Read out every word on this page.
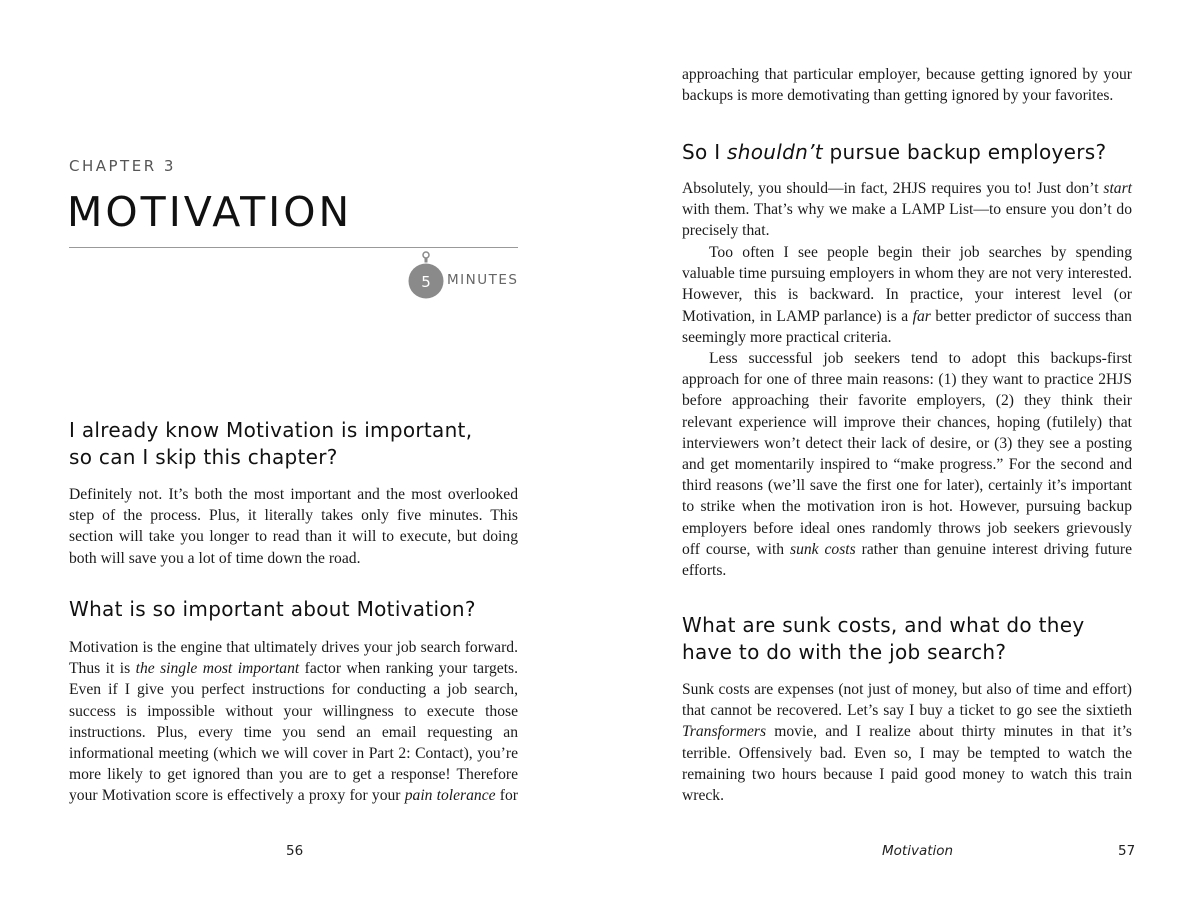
CHAPTER 3
MOTIVATION
5 MINUTES
I already know Motivation is important,
so can I skip this chapter?

Definitely not. It’s both the most important and the most overlooked step of the process. Plus, it literally takes only five minutes. This section will take you longer to read than it will to execute, but doing both will save you a lot of time down the road.

What is so important about Motivation?

Motivation is the engine that ultimately drives your job search forward. Thus it is the single most important factor when ranking your targets. Even if I give you perfect instructions for conducting a job search, success is impossible without your willingness to execute those instructions. Plus, every time you send an email requesting an informational meeting (which we will cover in Part 2: Contact), you’re more likely to get ignored than you are to get a response! Therefore your Motivation score is effectively a proxy for your pain tolerance for

56

approaching that particular employer, because getting ignored by your backups is more demotivating than getting ignored by your favorites.

So I shouldn’t pursue backup employers?

Absolutely, you should—in fact, 2HJS requires you to! Just don’t start with them. That’s why we make a LAMP List—to ensure you don’t do precisely that.

Too often I see people begin their job searches by spending valuable time pursuing employers in whom they are not very interested. However, this is backward. In practice, your interest level (or Motivation, in LAMP parlance) is a far better predictor of success than seemingly more practical criteria.

Less successful job seekers tend to adopt this backups-first approach for one of three main reasons: (1) they want to practice 2HJS before approaching their favorite employers, (2) they think their relevant experience will improve their chances, hoping (futilely) that interviewers won’t detect their lack of desire, or (3) they see a posting and get momentarily inspired to “make progress.” For the second and third reasons (we’ll save the first one for later), certainly it’s important to strike when the motivation iron is hot. However, pursuing backup employers before ideal ones randomly throws job seekers grievously off course, with sunk costs rather than genuine interest driving future efforts.

What are sunk costs, and what do they
have to do with the job search?

Sunk costs are expenses (not just of money, but also of time and effort) that cannot be recovered. Let’s say I buy a ticket to go see the sixtieth Transformers movie, and I realize about thirty minutes in that it’s terrible. Offensively bad. Even so, I may be tempted to watch the remaining two hours because I paid good money to watch this train wreck.

Motivation	57
